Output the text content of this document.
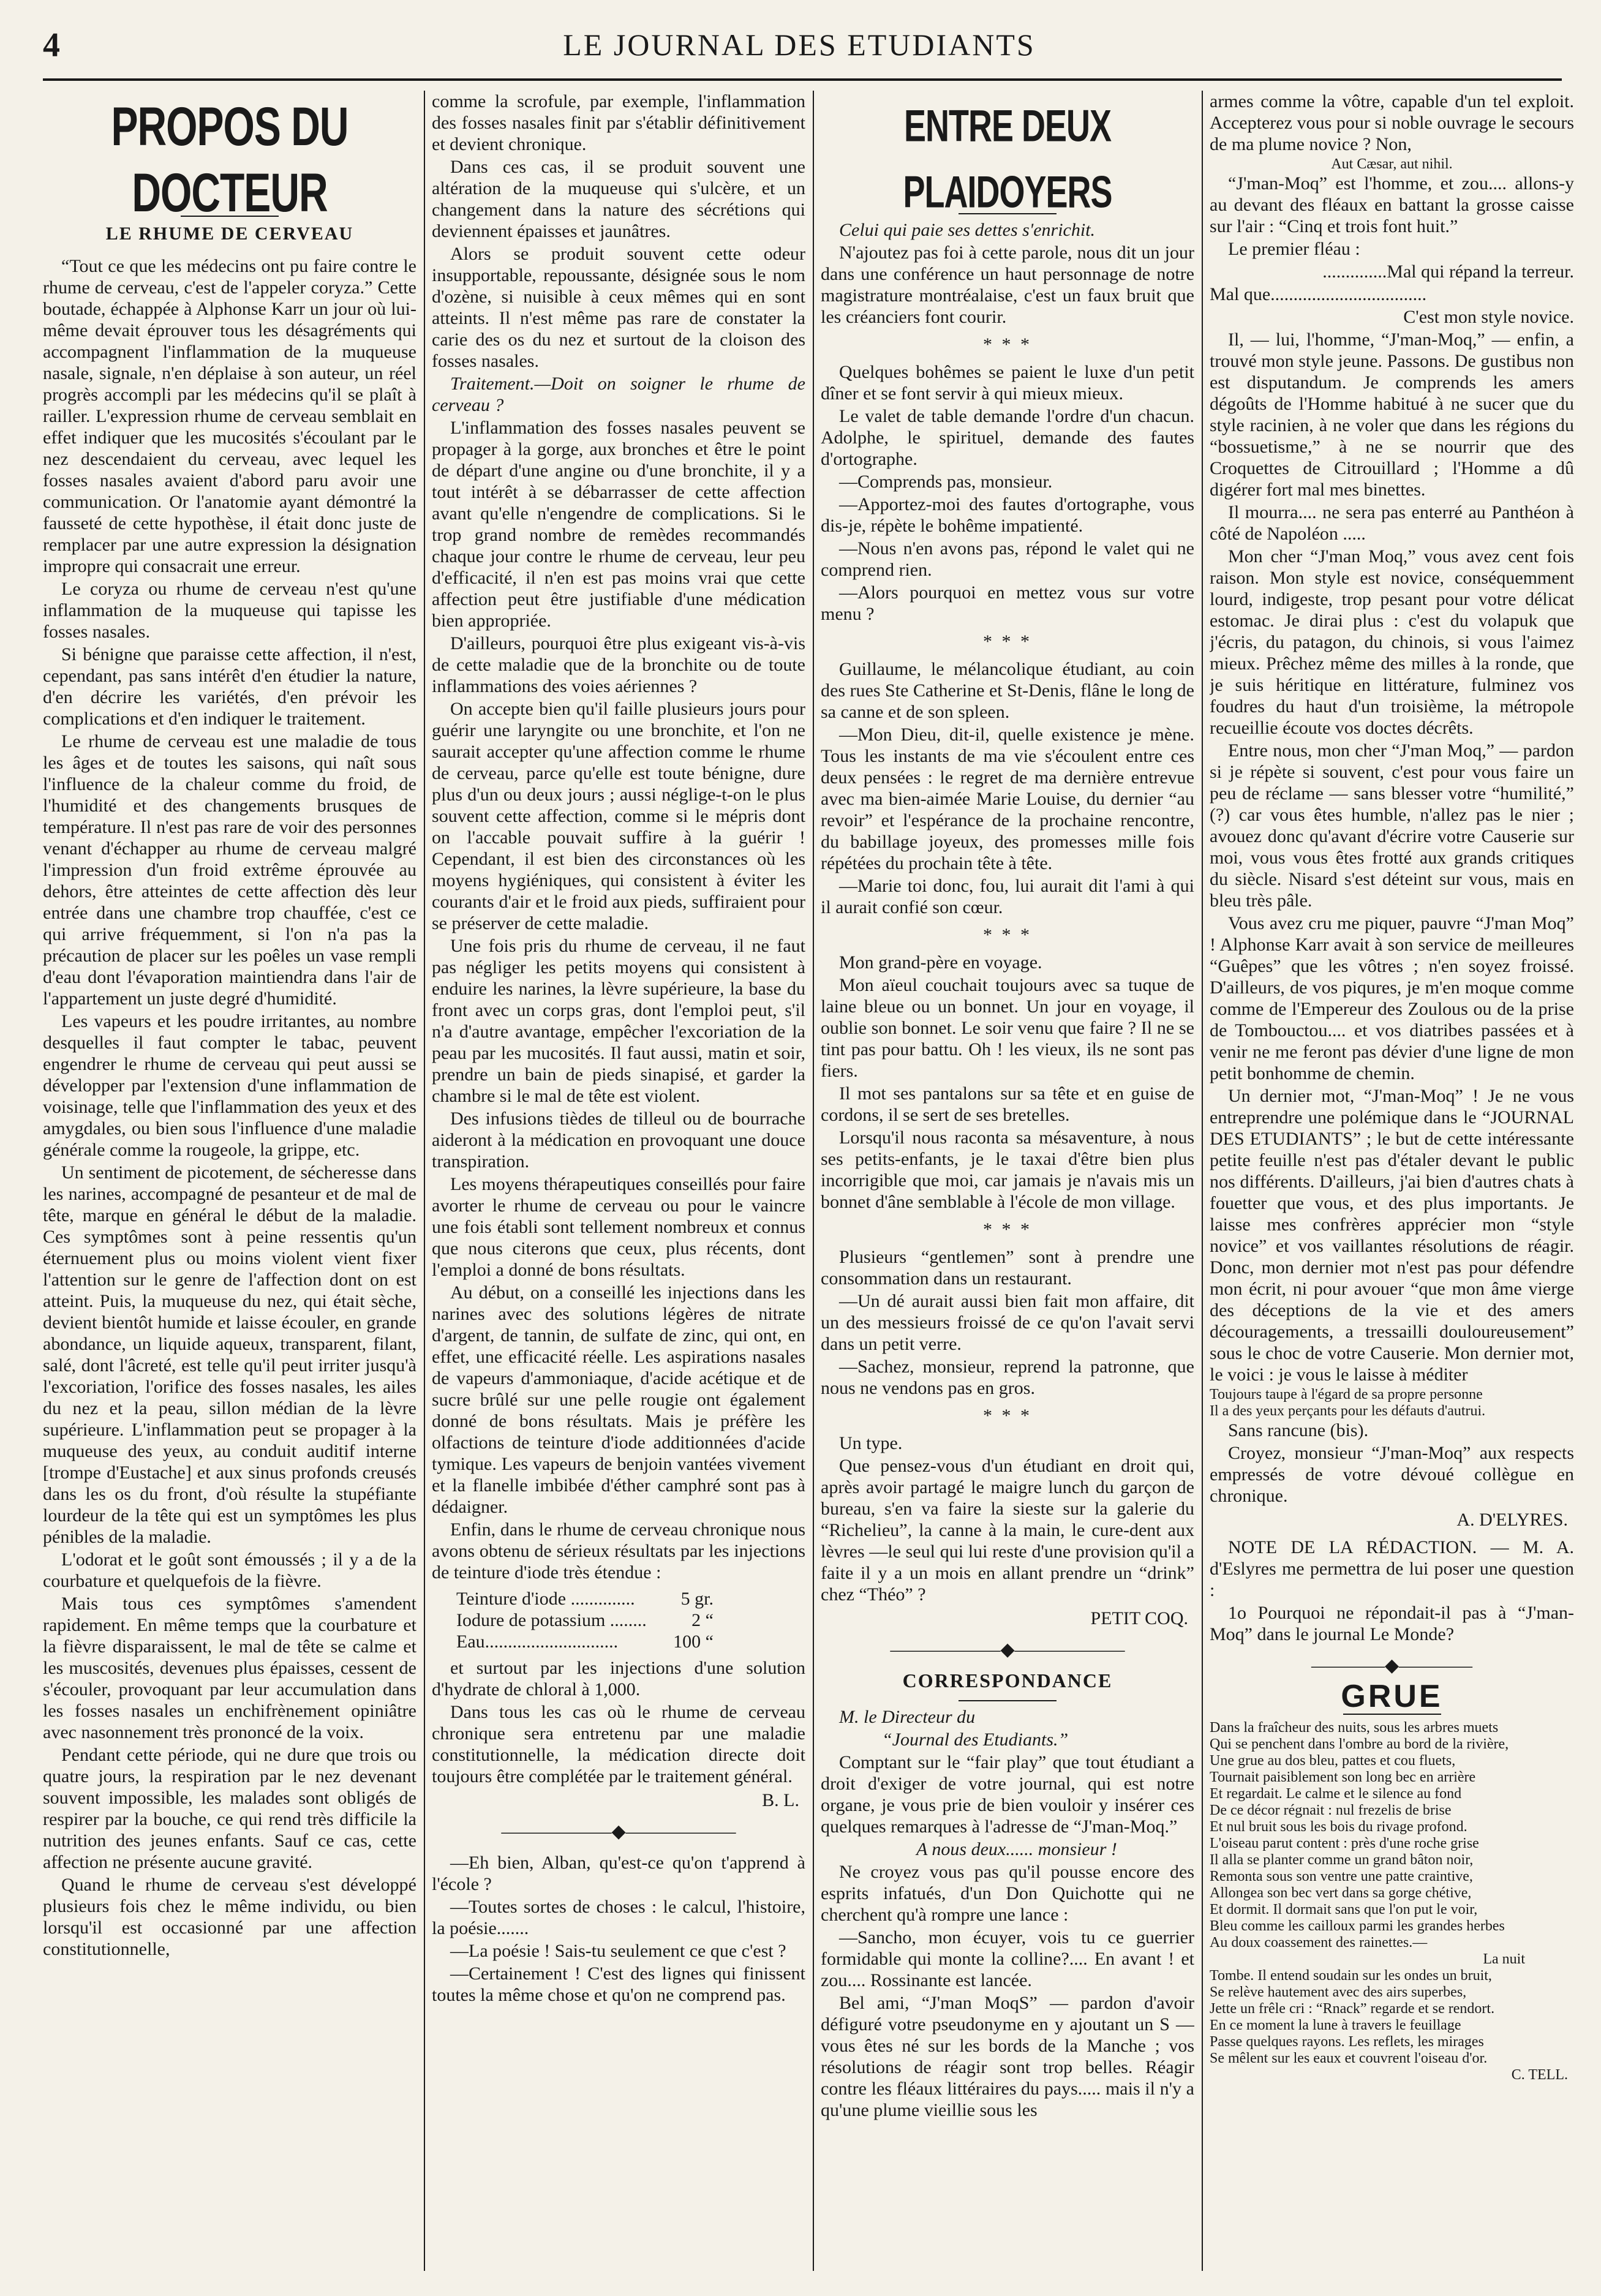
4	LE JOURNAL DES ETUDIANTS
PROPOS DU DOCTEUR
LE RHUME DE CERVEAU

“Tout ce que les médecins ont pu faire contre le rhume de cerveau, c'est de l'appeler coryza.” Cette boutade, échappée à Alphonse Karr un jour où lui-même devait éprouver tous les désagréments qui accompagnent l'inflammation de la muqueuse nasale, signale, n'en déplaise à son auteur, un réel progrès accompli par les médecins qu'il se plaît à railler. L'expression rhume de cerveau semblait en effet indiquer que les mucosités s'écoulant par le nez descendaient du cerveau, avec lequel les fosses nasales avaient d'abord paru avoir une communication. Or l'anatomie ayant démontré la fausseté de cette hypothèse, il était donc juste de remplacer par une autre expression la désignation impropre qui consacrait une erreur.

Le coryza ou rhume de cerveau n'est qu'une inflammation de la muqueuse qui tapisse les fosses nasales.

Si bénigne que paraisse cette affection, il n'est, cependant, pas sans intérêt d'en étudier la nature, d'en décrire les variétés, d'en prévoir les complications et d'en indiquer le traitement.

Le rhume de cerveau est une maladie de tous les âges et de toutes les saisons, qui naît sous l'influence de la chaleur comme du froid, de l'humidité et des changements brusques de température. Il n'est pas rare de voir des personnes venant d'échapper au rhume de cerveau malgré l'impression d'un froid extrême éprouvée au dehors, être atteintes de cette affection dès leur entrée dans une chambre trop chauffée, c'est ce qui arrive fréquemment, si l'on n'a pas la précaution de placer sur les poêles un vase rempli d'eau dont l'évaporation maintiendra dans l'air de l'appartement un juste degré d'humidité.

Les vapeurs et les poudre irritantes, au nombre desquelles il faut compter le tabac, peuvent engendrer le rhume de cerveau qui peut aussi se développer par l'extension d'une inflammation de voisinage, telle que l'inflammation des yeux et des amygdales, ou bien sous l'influence d'une maladie générale comme la rougeole, la grippe, etc.

Un sentiment de picotement, de sécheresse dans les narines, accompagné de pesanteur et de mal de tête, marque en général le début de la maladie. Ces symptômes sont à peine ressentis qu'un éternuement plus ou moins violent vient fixer l'attention sur le genre de l'affection dont on est atteint. Puis, la muqueuse du nez, qui était sèche, devient bientôt humide et laisse écouler, en grande abondance, un liquide aqueux, transparent, filant, salé, dont l'âcreté, est telle qu'il peut irriter jusqu'à l'excoriation, l'orifice des fosses nasales, les ailes du nez et la peau, sillon médian de la lèvre supérieure. L'inflammation peut se propager à la muqueuse des yeux, au conduit auditif interne [trompe d'Eustache] et aux sinus profonds creusés dans les os du front, d'où résulte la stupéfiante lourdeur de la tête qui est un symptômes les plus pénibles de la maladie.

L'odorat et le goût sont émoussés ; il y a de la courbature et quelquefois de la fièvre.

Mais tous ces symptômes s'amendent rapidement. En même temps que la courbature et la fièvre disparaissent, le mal de tête se calme et les muscosités, devenues plus épaisses, cessent de s'écouler, provoquant par leur accumulation dans les fosses nasales un enchifrènement opiniâtre avec nasonnement très prononcé de la voix.

Pendant cette période, qui ne dure que trois ou quatre jours, la respiration par le nez devenant souvent impossible, les malades sont obligés de respirer par la bouche, ce qui rend très difficile la nutrition des jeunes enfants. Sauf ce cas, cette affection ne présente aucune gravité.

Quand le rhume de cerveau s'est développé plusieurs fois chez le même individu, ou bien lorsqu'il est occasionné par une affection constitutionnelle,

comme la scrofule, par exemple, l'inflammation des fosses nasales finit par s'établir définitivement et devient chronique.

Dans ces cas, il se produit souvent une altération de la muqueuse qui s'ulcère, et un changement dans la nature des sécrétions qui deviennent épaisses et jaunâtres.

Alors se produit souvent cette odeur insupportable, repoussante, désignée sous le nom d'ozène, si nuisible à ceux mêmes qui en sont atteints. Il n'est même pas rare de constater la carie des os du nez et surtout de la cloison des fosses nasales.

Traitement.—Doit on soigner le rhume de cerveau ?

L'inflammation des fosses nasales peuvent se propager à la gorge, aux bronches et être le point de départ d'une angine ou d'une bronchite, il y a tout intérêt à se débarrasser de cette affection avant qu'elle n'engendre de complications. Si le trop grand nombre de remèdes recommandés chaque jour contre le rhume de cerveau, leur peu d'efficacité, il n'en est pas moins vrai que cette affection peut être justifiable d'une médication bien appropriée.

D'ailleurs, pourquoi être plus exigeant vis-à-vis de cette maladie que de la bronchite ou de toute inflammations des voies aériennes ?

On accepte bien qu'il faille plusieurs jours pour guérir une laryngite ou une bronchite, et l'on ne saurait accepter qu'une affection comme le rhume de cerveau, parce qu'elle est toute bénigne, dure plus d'un ou deux jours ; aussi néglige-t-on le plus souvent cette affection, comme si le mépris dont on l'accable pouvait suffire à la guérir ! Cependant, il est bien des circonstances où les moyens hygiéniques, qui consistent à éviter les courants d'air et le froid aux pieds, suffiraient pour se préserver de cette maladie.

Une fois pris du rhume de cerveau, il ne faut pas négliger les petits moyens qui consistent à enduire les narines, la lèvre supérieure, la base du front avec un corps gras, dont l'emploi peut, s'il n'a d'autre avantage, empêcher l'excoriation de la peau par les mucosités. Il faut aussi, matin et soir, prendre un bain de pieds sinapisé, et garder la chambre si le mal de tête est violent.

Des infusions tièdes de tilleul ou de bourrache aideront à la médication en provoquant une douce transpiration.

Les moyens thérapeutiques conseillés pour faire avorter le rhume de cerveau ou pour le vaincre une fois établi sont tellement nombreux et connus que nous citerons que ceux, plus récents, dont l'emploi a donné de bons résultats.

Au début, on a conseillé les injections dans les narines avec des solutions légères de nitrate d'argent, de tannin, de sulfate de zinc, qui ont, en effet, une efficacité réelle. Les aspirations nasales de vapeurs d'ammoniaque, d'acide acétique et de sucre brûlé sur une pelle rougie ont également donné de bons résultats. Mais je préfère les olfactions de teinture d'iode additionnées d'acide tymique. Les vapeurs de benjoin vantées vivement et la flanelle imbibée d'éther camphré sont pas à dédaigner.

Enfin, dans le rhume de cerveau chronique nous avons obtenu de sérieux résultats par les injections de teinture d'iode très étendue :

Teinture d'iode ..............	5 gr.
Iodure de potassium ........ 2 “
Eau.............................	100 “

et surtout par les injections d'une solution d'hydrate de chloral à 1,000.

Dans tous les cas où le rhume de cerveau chronique sera entretenu par une maladie constitutionnelle, la médication directe doit toujours être complétée par le traitement général.

B. L.
——————◆——————

—Eh bien, Alban, qu'est-ce qu'on t'apprend à l'école ?

—Toutes sortes de choses : le calcul, l'histoire, la poésie.......

—La poésie ! Sais-tu seulement ce que c'est ?

—Certainement ! C'est des lignes qui finissent toutes la même chose et qu'on ne comprend pas.

ENTRE DEUX PLAIDOYERS

Celui qui paie ses dettes s'enrichit.

N'ajoutez pas foi à cette parole, nous dit un jour dans une conférence un haut personnage de notre magistrature montréalaise, c'est un faux bruit que les créanciers font courir.

* * *

Quelques bohêmes se paient le luxe d'un petit dîner et se font servir à qui mieux mieux.

Le valet de table demande l'ordre d'un chacun. Adolphe, le spirituel, demande des fautes d'ortographe.

—Comprends pas, monsieur.

—Apportez-moi des fautes d'ortographe, vous dis-je, répète le bohême impatienté.

—Nous n'en avons pas, répond le valet qui ne comprend rien.

—Alors pourquoi en mettez vous sur votre menu ?

* * *

Guillaume, le mélancolique étudiant, au coin des rues Ste Catherine et St-Denis, flâne le long de sa canne et de son spleen.

—Mon Dieu, dit-il, quelle existence je mène. Tous les instants de ma vie s'écoulent entre ces deux pensées : le regret de ma dernière entrevue avec ma bien-aimée Marie Louise, du dernier “au revoir” et l'espérance de la prochaine rencontre, du babillage joyeux, des promesses mille fois répétées du prochain tête à tête.

—Marie toi donc, fou, lui aurait dit l'ami à qui il aurait confié son cœur.

* * *

Mon grand-père en voyage.

Mon aïeul couchait toujours avec sa tuque de laine bleue ou un bonnet. Un jour en voyage, il oublie son bonnet. Le soir venu que faire ? Il ne se tint pas pour battu. Oh ! les vieux, ils ne sont pas fiers.

Il mot ses pantalons sur sa tête et en guise de cordons, il se sert de ses bretelles.

Lorsqu'il nous raconta sa mésaventure, à nous ses petits-enfants, je le taxai d'être bien plus incorrigible que moi, car jamais je n'avais mis un bonnet d'âne semblable à l'école de mon village.

* * *

Plusieurs “gentlemen” sont à prendre une consommation dans un restaurant.

—Un dé aurait aussi bien fait mon affaire, dit un des messieurs froissé de ce qu'on l'avait servi dans un petit verre.

—Sachez, monsieur, reprend la patronne, que nous ne vendons pas en gros.

* * *

Un type.

Que pensez-vous d'un étudiant en droit qui, après avoir partagé le maigre lunch du garçon de bureau, s'en va faire la sieste sur la galerie du “Richelieu”, la canne à la main, le cure-dent aux lèvres —le seul qui lui reste d'une provision qu'il a faite il y a un mois en allant prendre un “drink” chez “Théo” ?

PETIT COQ.
——————◆——————
CORRESPONDANCE

M. le Directeur du

“Journal des Etudiants.”

Comptant sur le “fair play” que tout étudiant a droit d'exiger de votre journal, qui est notre organe, je vous prie de bien vouloir y insérer ces quelques remarques à l'adresse de “J'man-Moq.”

A nous deux...... monsieur !

Ne croyez vous pas qu'il pousse encore des esprits infatués, d'un Don Quichotte qui ne cherchent qu'à rompre une lance :

—Sancho, mon écuyer, vois tu ce guerrier formidable qui monte la colline?.... En avant ! et zou.... Rossinante est lancée.

Bel ami, “J'man MoqS” — pardon d'avoir défiguré votre pseudonyme en y ajoutant un S — vous êtes né sur les bords de la Manche ; vos résolutions de réagir sont trop belles. Réagir contre les fléaux littéraires du pays..... mais il n'y a qu'une plume vieillie sous les

armes comme la vôtre, capable d'un tel exploit. Accepterez vous pour si noble ouvrage le secours de ma plume novice ? Non,

Aut Cæsar, aut nihil.

“J'man-Moq” est l'homme, et zou.... allons-y au devant des fléaux en battant la grosse caisse sur l'air : “Cinq et trois font huit.”

Le premier fléau :

..............Mal qui répand la terreur.

Mal que..................................

C'est mon style novice.

Il, — lui, l'homme, “J'man-Moq,” — enfin, a trouvé mon style jeune. Passons. De gustibus non est disputandum. Je comprends les amers dégoûts de l'Homme habitué à ne sucer que du style racinien, à ne voler que dans les régions du “bossuetisme,” à ne se nourrir que des Croquettes de Citrouillard ; l'Homme a dû digérer fort mal mes binettes.

Il mourra.... ne sera pas enterré au Panthéon à côté de Napoléon .....

Mon cher “J'man Moq,” vous avez cent fois raison. Mon style est novice, conséquemment lourd, indigeste, trop pesant pour votre délicat estomac. Je dirai plus : c'est du volapuk que j'écris, du patagon, du chinois, si vous l'aimez mieux. Prêchez même des milles à la ronde, que je suis héritique en littérature, fulminez vos foudres du haut d'un troisième, la métropole recueillie écoute vos doctes décrêts.

Entre nous, mon cher “J'man Moq,” — pardon si je répète si souvent, c'est pour vous faire un peu de réclame — sans blesser votre “humilité,” (?) car vous êtes humble, n'allez pas le nier ; avouez donc qu'avant d'écrire votre Causerie sur moi, vous vous êtes frotté aux grands critiques du siècle. Nisard s'est déteint sur vous, mais en bleu très pâle.

Vous avez cru me piquer, pauvre “J'man Moq” ! Alphonse Karr avait à son service de meilleures “Guêpes” que les vôtres ; n'en soyez froissé. D'ailleurs, de vos piqures, je m'en moque comme comme de l'Empereur des Zoulous ou de la prise de Tombouctou.... et vos diatribes passées et à venir ne me feront pas dévier d'une ligne de mon petit bonhomme de chemin.

Un dernier mot, “J'man-Moq” ! Je ne vous entreprendre une polémique dans le “JOURNAL DES ETUDIANTS” ; le but de cette intéressante petite feuille n'est pas d'étaler devant le public nos différents. D'ailleurs, j'ai bien d'autres chats à fouetter que vous, et des plus importants. Je laisse mes confrères apprécier mon “style novice” et vos vaillantes résolutions de réagir. Donc, mon dernier mot n'est pas pour défendre mon écrit, ni pour avouer “que mon âme vierge des déceptions de la vie et des amers découragements, a tressailli douloureusement” sous le choc de votre Causerie. Mon dernier mot, le voici : je vous le laisse à méditer

Toujours taupe à l'égard de sa propre personne
Il a des yeux perçants pour les défauts d'autrui.

Sans rancune (bis).

Croyez, monsieur “J'man-Moq” aux respects empressés de votre dévoué collègue en chronique.

A. D'ELYRES.

NOTE DE LA RÉDACTION. — M. A. d'Eslyres me permettra de lui poser une question :

1o Pourquoi ne répondait-il pas à “J'man-Moq” dans le journal Le Monde?

————◆————
GRUE
Dans la fraîcheur des nuits, sous les arbres muets
Qui se penchent dans l'ombre au bord de la rivière,
Une grue au dos bleu, pattes et cou fluets,
Tournait paisiblement son long bec en arrière
Et regardait. Le calme et le silence au fond
De ce décor régnait : nul frezelis de brise
Et nul bruit sous les bois du rivage profond.
L'oiseau parut content : près d'une roche grise
Il alla se planter comme un grand bâton noir,
Remonta sous son ventre une patte craintive,
Allongea son bec vert dans sa gorge chétive,
Et dormit. Il dormait sans que l'on put le voir,
Bleu comme les cailloux parmi les grandes herbes
Au doux coassement des rainettes.—
La nuit
Tombe. Il entend soudain sur les ondes un bruit,
Se relève hautement avec des airs superbes,
Jette un frêle cri : “Rnack” regarde et se rendort.
En ce moment la lune à travers le feuillage
Passe quelques rayons. Les reflets, les mirages
Se mêlent sur les eaux et couvrent l'oiseau d'or.
C. TELL.
